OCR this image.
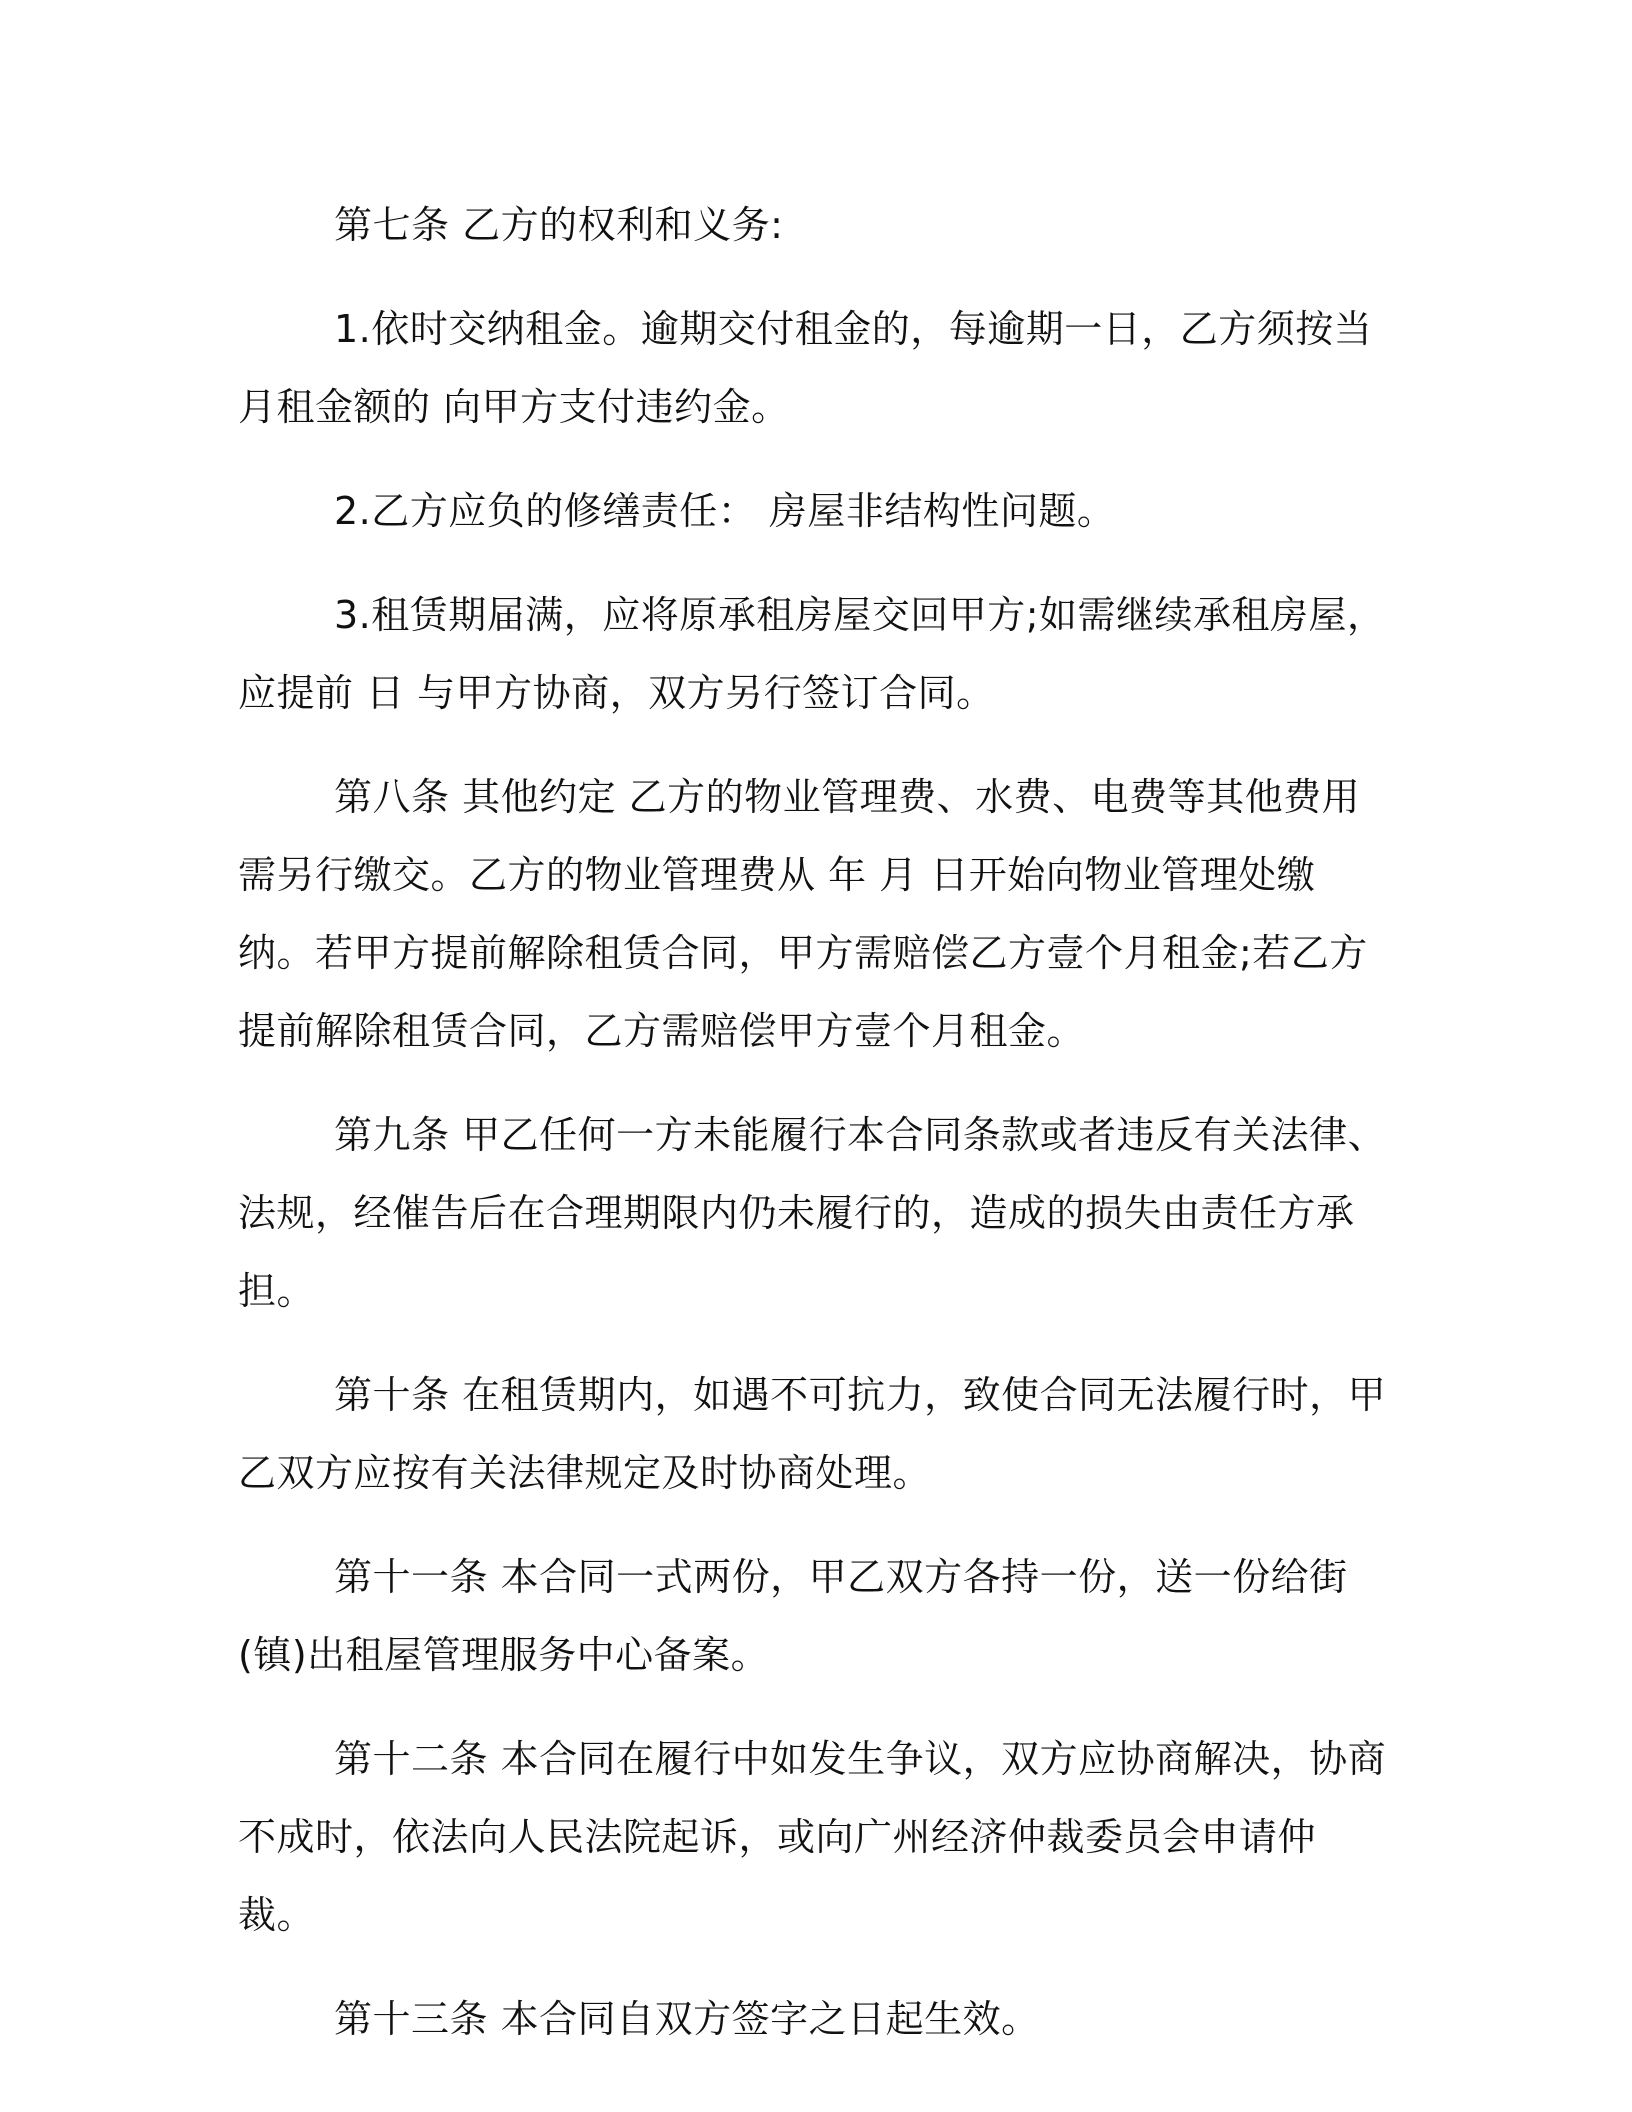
第七条 乙方的权利和义务:

1.依时交纳租金。逾期交付租金的，每逾期一日，乙方须按当月租金额的 向甲方支付违约金。

2.乙方应负的修缮责任： 房屋非结构性问题。

3.租赁期届满，应将原承租房屋交回甲方;如需继续承租房屋，应提前 日 与甲方协商，双方另行签订合同。

第八条 其他约定 乙方的物业管理费、水费、电费等其他费用需另行缴交。乙方的物业管理费从 年 月 日开始向物业管理处缴纳。若甲方提前解除租赁合同，甲方需赔偿乙方壹个月租金;若乙方提前解除租赁合同，乙方需赔偿甲方壹个月租金。

第九条 甲乙任何一方未能履行本合同条款或者违反有关法律、法规，经催告后在合理期限内仍未履行的，造成的损失由责任方承担。

第十条 在租赁期内，如遇不可抗力，致使合同无法履行时，甲乙双方应按有关法律规定及时协商处理。

第十一条 本合同一式两份，甲乙双方各持一份，送一份给街(镇)出租屋管理服务中心备案。

第十二条 本合同在履行中如发生争议，双方应协商解决，协商不成时，依法向人民法院起诉，或向广州经济仲裁委员会申请仲裁。

第十三条 本合同自双方签字之日起生效。
